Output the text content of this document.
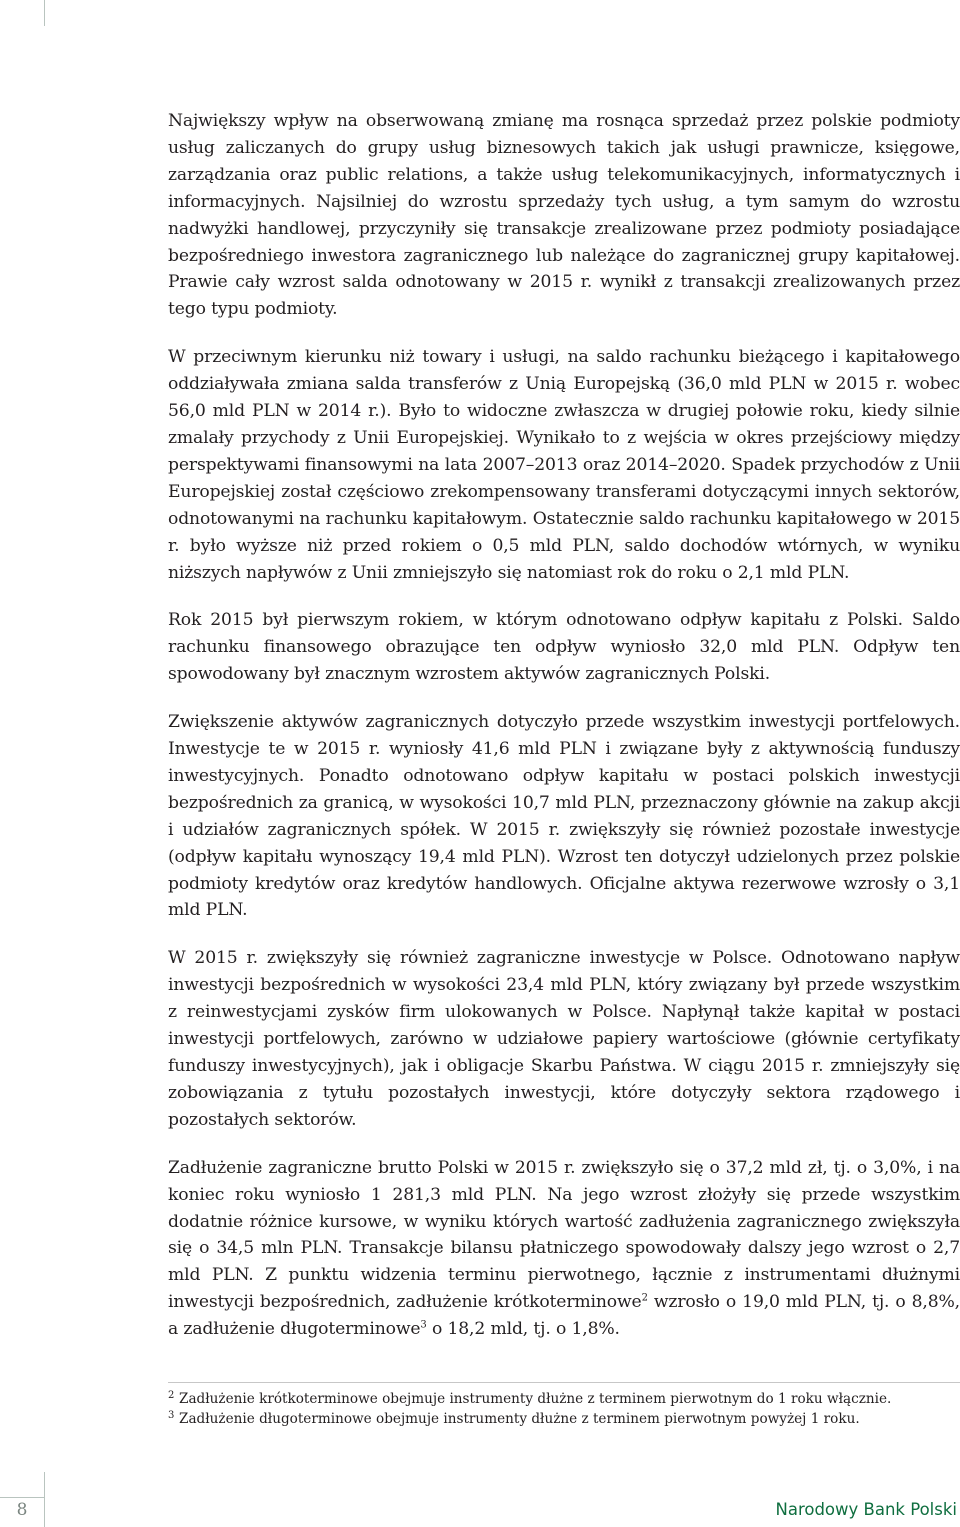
Największy wpływ na obserwowaną zmianę ma rosnąca sprzedaż przez polskie podmioty usług zaliczanych do grupy usług biznesowych takich jak usługi prawnicze, księgowe, zarządzania oraz public relations, a także usług telekomunikacyjnych, informatycznych i informacyjnych. Najsilniej do wzrostu sprzedaży tych usług, a tym samym do wzrostu nadwyżki handlowej, przyczyniły się transakcje zrealizowane przez podmioty posiadające bezpośredniego inwestora zagranicznego lub należące do zagranicznej grupy kapitałowej. Prawie cały wzrost salda odnotowany w 2015 r. wynikł z transakcji zrealizowanych przez tego typu podmioty.

W przeciwnym kierunku niż towary i usługi, na saldo rachunku bieżącego i kapitałowego oddziaływała zmiana salda transferów z Unią Europejską (36,0 mld PLN w 2015 r. wobec 56,0 mld PLN w 2014 r.). Było to widoczne zwłaszcza w drugiej połowie roku, kiedy silnie zmalały przychody z Unii Europejskiej. Wynikało to z wejścia w okres przejściowy między perspektywami finansowymi na lata 2007–2013 oraz 2014–2020. Spadek przychodów z Unii Europejskiej został częściowo zrekompensowany transferami dotyczącymi innych sektorów, odnotowanymi na rachunku kapitałowym. Ostatecznie saldo rachunku kapitałowego w 2015 r. było wyższe niż przed rokiem o 0,5 mld PLN, saldo dochodów wtórnych, w wyniku niższych napływów z Unii zmniejszyło się natomiast rok do roku o 2,1 mld PLN.

Rok 2015 był pierwszym rokiem, w którym odnotowano odpływ kapitału z Polski. Saldo rachunku finansowego obrazujące ten odpływ wyniosło 32,0 mld PLN. Odpływ ten spowodowany był znacznym wzrostem aktywów zagranicznych Polski.

Zwiększenie aktywów zagranicznych dotyczyło przede wszystkim inwestycji portfelowych. Inwestycje te w 2015 r. wyniosły 41,6 mld PLN i związane były z aktywnością funduszy inwestycyjnych. Ponadto odnotowano odpływ kapitału w postaci polskich inwestycji bezpośrednich za granicą, w wysokości 10,7 mld PLN, przeznaczony głównie na zakup akcji i udziałów zagranicznych spółek. W 2015 r. zwiększyły się również pozostałe inwestycje (odpływ kapitału wynoszący 19,4 mld PLN). Wzrost ten dotyczył udzielonych przez polskie podmioty kredytów oraz kredytów handlowych. Oficjalne aktywa rezerwowe wzrosły o 3,1 mld PLN.

W 2015 r. zwiększyły się również zagraniczne inwestycje w Polsce. Odnotowano napływ inwestycji bezpośrednich w wysokości 23,4 mld PLN, który związany był przede wszystkim z reinwestycjami zysków firm ulokowanych w Polsce. Napłynął także kapitał w postaci inwestycji portfelowych, zarówno w udziałowe papiery wartościowe (głównie certyfikaty funduszy inwestycyjnych), jak i obligacje Skarbu Państwa. W ciągu 2015 r. zmniejszyły się zobowiązania z tytułu pozostałych inwestycji, które dotyczyły sektora rządowego i pozostałych sektorów.

Zadłużenie zagraniczne brutto Polski w 2015 r. zwiększyło się o 37,2 mld zł, tj. o 3,0%, i na koniec roku wyniosło 1 281,3 mld PLN. Na jego wzrost złożyły się przede wszystkim dodatnie różnice kursowe, w wyniku których wartość zadłużenia zagranicznego zwiększyła się o 34,5 mln PLN. Transakcje bilansu płatniczego spowodowały dalszy jego wzrost o 2,7 mld PLN. Z punktu widzenia terminu pierwotnego, łącznie z instrumentami dłużnymi inwestycji bezpośrednich, zadłużenie krótkoterminowe$^2$ wzrosło o 19,0 mld PLN, tj. o 8,8%, a zadłużenie długoterminowe$^3$ o 18,2 mld, tj. o 1,8%.

2 Zadłużenie krótkoterminowe obejmuje instrumenty dłużne z terminem pierwotnym do 1 roku włącznie.

3 Zadłużenie długoterminowe obejmuje instrumenty dłużne z terminem pierwotnym powyżej 1 roku.

8	Narodowy Bank Polski
